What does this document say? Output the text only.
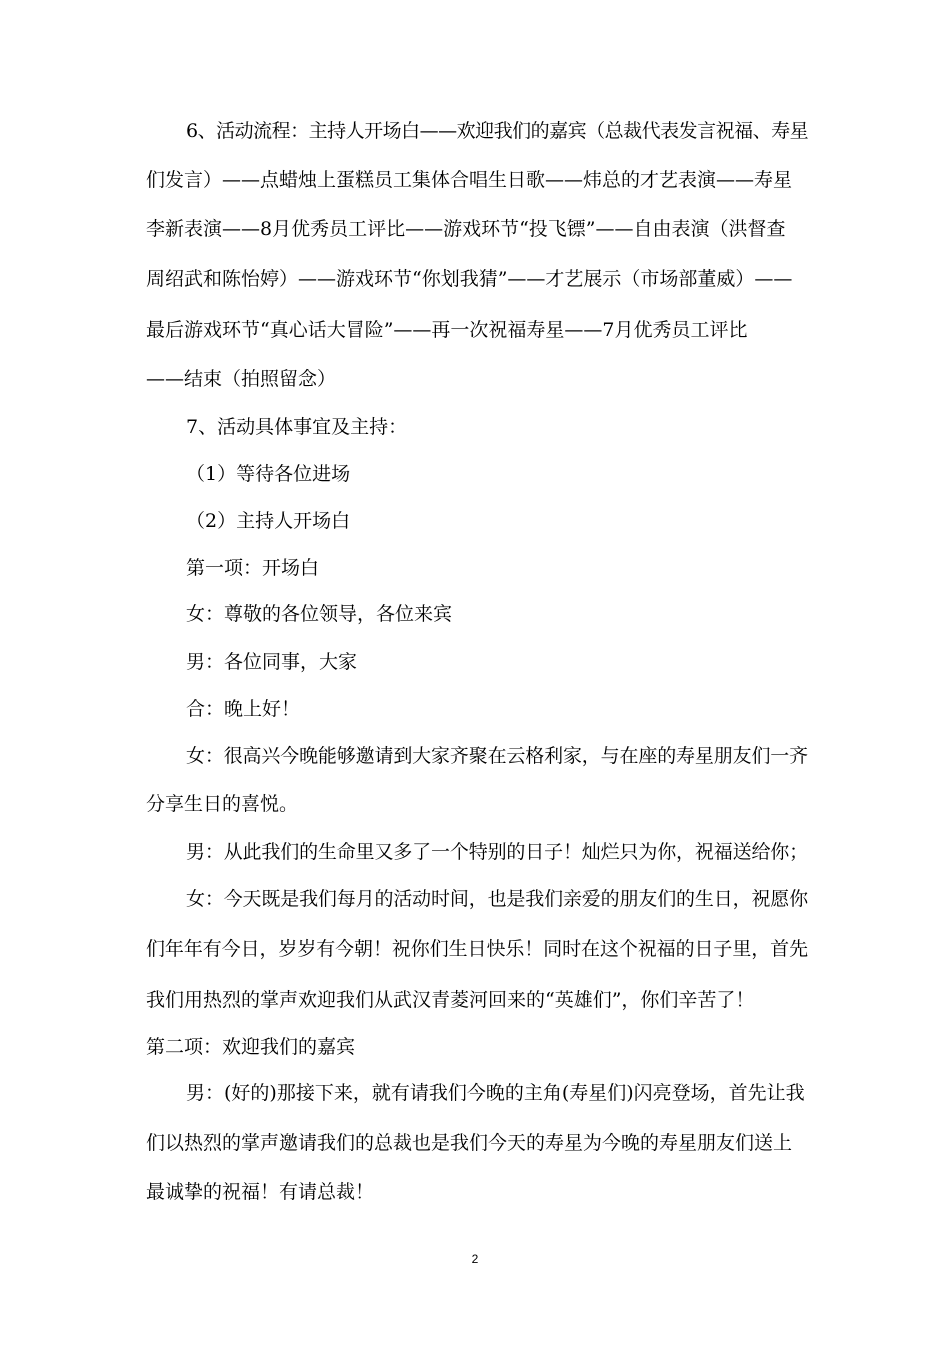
6、活动流程：主持人开场白——欢迎我们的嘉宾（总裁代表发言祝福、寿星
们发言）——点蜡烛上蛋糕员工集体合唱生日歌——炜总的才艺表演——寿星
李新表演——8月优秀员工评比——游戏环节“投飞镖”——自由表演（洪督查
周绍武和陈怡婷）——游戏环节“你划我猜”——才艺展示（市场部董威）——
最后游戏环节“真心话大冒险”——再一次祝福寿星——7月优秀员工评比
——结束（拍照留念）
7、活动具体事宜及主持：
（1）等待各位进场
（2）主持人开场白
第一项：开场白
女：尊敬的各位领导，各位来宾
男：各位同事，大家
合：晚上好！
女：很高兴今晚能够邀请到大家齐聚在云格利家，与在座的寿星朋友们一齐
分享生日的喜悦。
男：从此我们的生命里又多了一个特别的日子！灿烂只为你，祝福送给你；
女：今天既是我们每月的活动时间，也是我们亲爱的朋友们的生日，祝愿你
们年年有今日，岁岁有今朝！祝你们生日快乐！同时在这个祝福的日子里，首先
我们用热烈的掌声欢迎我们从武汉青菱河回来的“英雄们”，你们辛苦了！
第二项：欢迎我们的嘉宾
男：(好的)那接下来，就有请我们今晚的主角(寿星们)闪亮登场，首先让我
们以热烈的掌声邀请我们的总裁也是我们今天的寿星为今晚的寿星朋友们送上
最诚挚的祝福！有请总裁！
2
